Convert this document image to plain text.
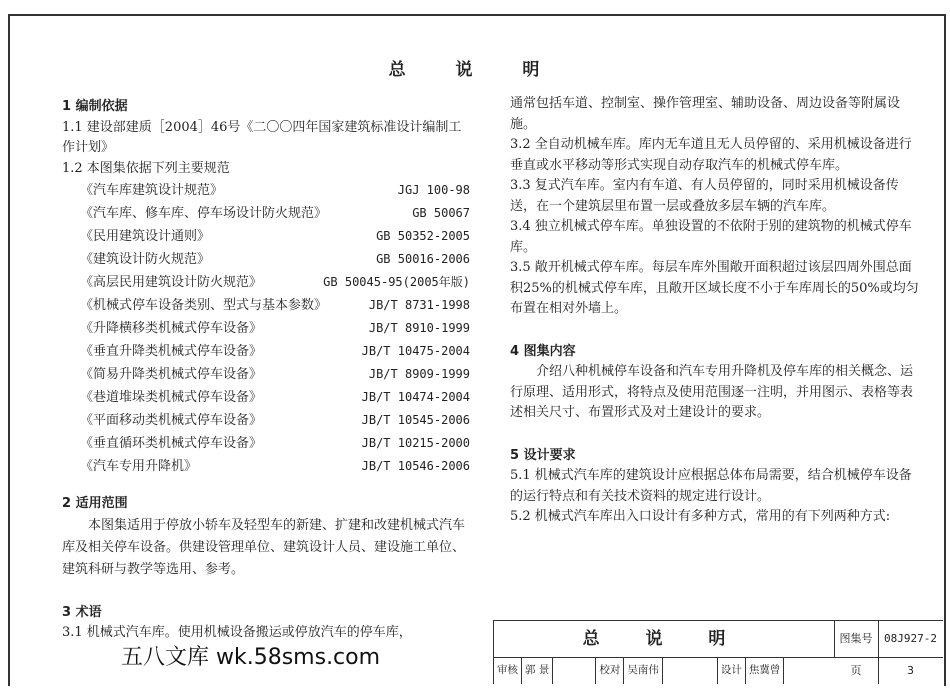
总 说 明

1 编制依据

1.1 建设部建质［2004］46号《二〇〇四年国家建筑标准设计编制工作计划》

1.2 本图集依据下列主要规范

《汽车库建筑设计规范》	JGJ 100-98
《汽车库、修车库、停车场设计防火规范》	GB 50067
《民用建筑设计通则》	GB 50352-2005
《建筑设计防火规范》	GB 50016-2006
《高层民用建筑设计防火规范》	GB 50045-95(2005年版)
《机械式停车设备类别、型式与基本参数》	JB/T 8731-1998
《升降横移类机械式停车设备》	JB/T 8910-1999
《垂直升降类机械式停车设备》	JB/T 10475-2004
《简易升降类机械式停车设备》	JB/T 8909-1999
《巷道堆垛类机械式停车设备》	JB/T 10474-2004
《平面移动类机械式停车设备》	JB/T 10545-2006
《垂直循环类机械式停车设备》	JB/T 10215-2000
《汽车专用升降机》	JB/T 10546-2006

2 适用范围

本图集适用于停放小轿车及轻型车的新建、扩建和改建机械式汽车库及相关停车设备。供建设管理单位、建筑设计人员、建设施工单位、建筑科研与教学等选用、参考。

3 术语

3.1 机械式汽车库。使用机械设备搬运或停放汽车的停车库，

通常包括车道、控制室、操作管理室、辅助设备、周边设备等附属设施。

3.2 全自动机械车库。库内无车道且无人员停留的、采用机械设备进行垂直或水平移动等形式实现自动存取汽车的机械式停车库。

3.3 复式汽车库。室内有车道、有人员停留的，同时采用机械设备传送，在一个建筑层里布置一层或叠放多层车辆的汽车库。

3.4 独立机械式停车库。单独设置的不依附于别的建筑物的机械式停车库。

3.5 敞开机械式停车库。每层车库外围敞开面积超过该层四周外围总面积25%的机械式停车库，且敞开区域长度不小于车库周长的50%或均匀布置在相对外墙上。

4 图集内容

介绍八种机械停车设备和汽车专用升降机及停车库的相关概念、运行原理、适用形式，将特点及使用范围逐一注明，并用图示、表格等表述相关尺寸、布置形式及对土建设计的要求。

5 设计要求

5.1 机械式汽车库的建筑设计应根据总体布局需要，结合机械停车设备的运行特点和有关技术资料的规定进行设计。

5.2 机械式汽车库出入口设计有多种方式，常用的有下列两种方式:

总 说 明	图集号	08J927-2
页	3
审核 郭 景	校对 吴南伟	设计 焦冀曾
五八文库 wk.58sms.com
